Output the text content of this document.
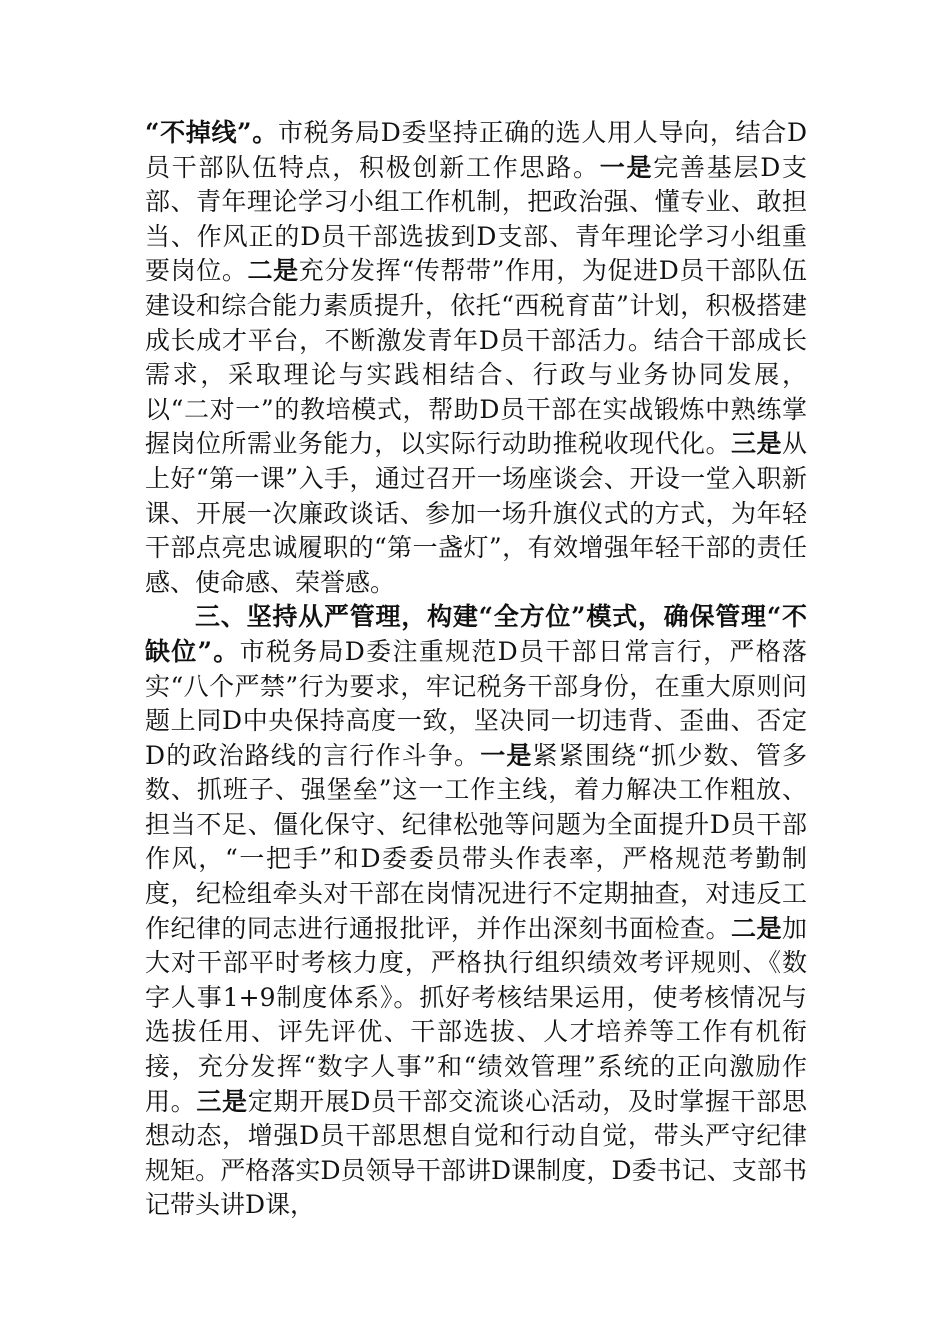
“不掉线”。市税务局D委坚持正确的选人用人导向，结合D员干部队伍特点，积极创新工作思路。一是完善基层D支部、青年理论学习小组工作机制，把政治强、懂专业、敢担当、作风正的D员干部选拔到D支部、青年理论学习小组重要岗位。二是充分发挥“传帮带”作用，为促进D员干部队伍建设和综合能力素质提升，依托“西税育苗”计划，积极搭建成长成才平台，不断激发青年D员干部活力。结合干部成长需求，采取理论与实践相结合、行政与业务协同发展，以“二对一”的教培模式，帮助D员干部在实战锻炼中熟练掌握岗位所需业务能力，以实际行动助推税收现代化。三是从上好“第一课”入手，通过召开一场座谈会、开设一堂入职新课、开展一次廉政谈话、参加一场升旗仪式的方式，为年轻干部点亮忠诚履职的“第一盏灯”，有效增强年轻干部的责任感、使命感、荣誉感。

三、坚持从严管理，构建“全方位”模式，确保管理“不缺位”。市税务局D委注重规范D员干部日常言行，严格落实“八个严禁”行为要求，牢记税务干部身份，在重大原则问题上同D中央保持高度一致，坚决同一切违背、歪曲、否定D的政治路线的言行作斗争。一是紧紧围绕“抓少数、管多数、抓班子、强堡垒”这一工作主线，着力解决工作粗放、担当不足、僵化保守、纪律松弛等问题为全面提升D员干部作风，“一把手”和D委委员带头作表率，严格规范考勤制度，纪检组牵头对干部在岗情况进行不定期抽查，对违反工作纪律的同志进行通报批评，并作出深刻书面检查。二是加大对干部平时考核力度，严格执行组织绩效考评规则、《数字人事1+9制度体系》。抓好考核结果运用，使考核情况与选拔任用、评先评优、干部选拔、人才培养等工作有机衔接，充分发挥“数字人事”和“绩效管理”系统的正向激励作用。三是定期开展D员干部交流谈心活动，及时掌握干部思想动态，增强D员干部思想自觉和行动自觉，带头严守纪律规矩。严格落实D员领导干部讲D课制度，D委书记、支部书记带头讲D课，
